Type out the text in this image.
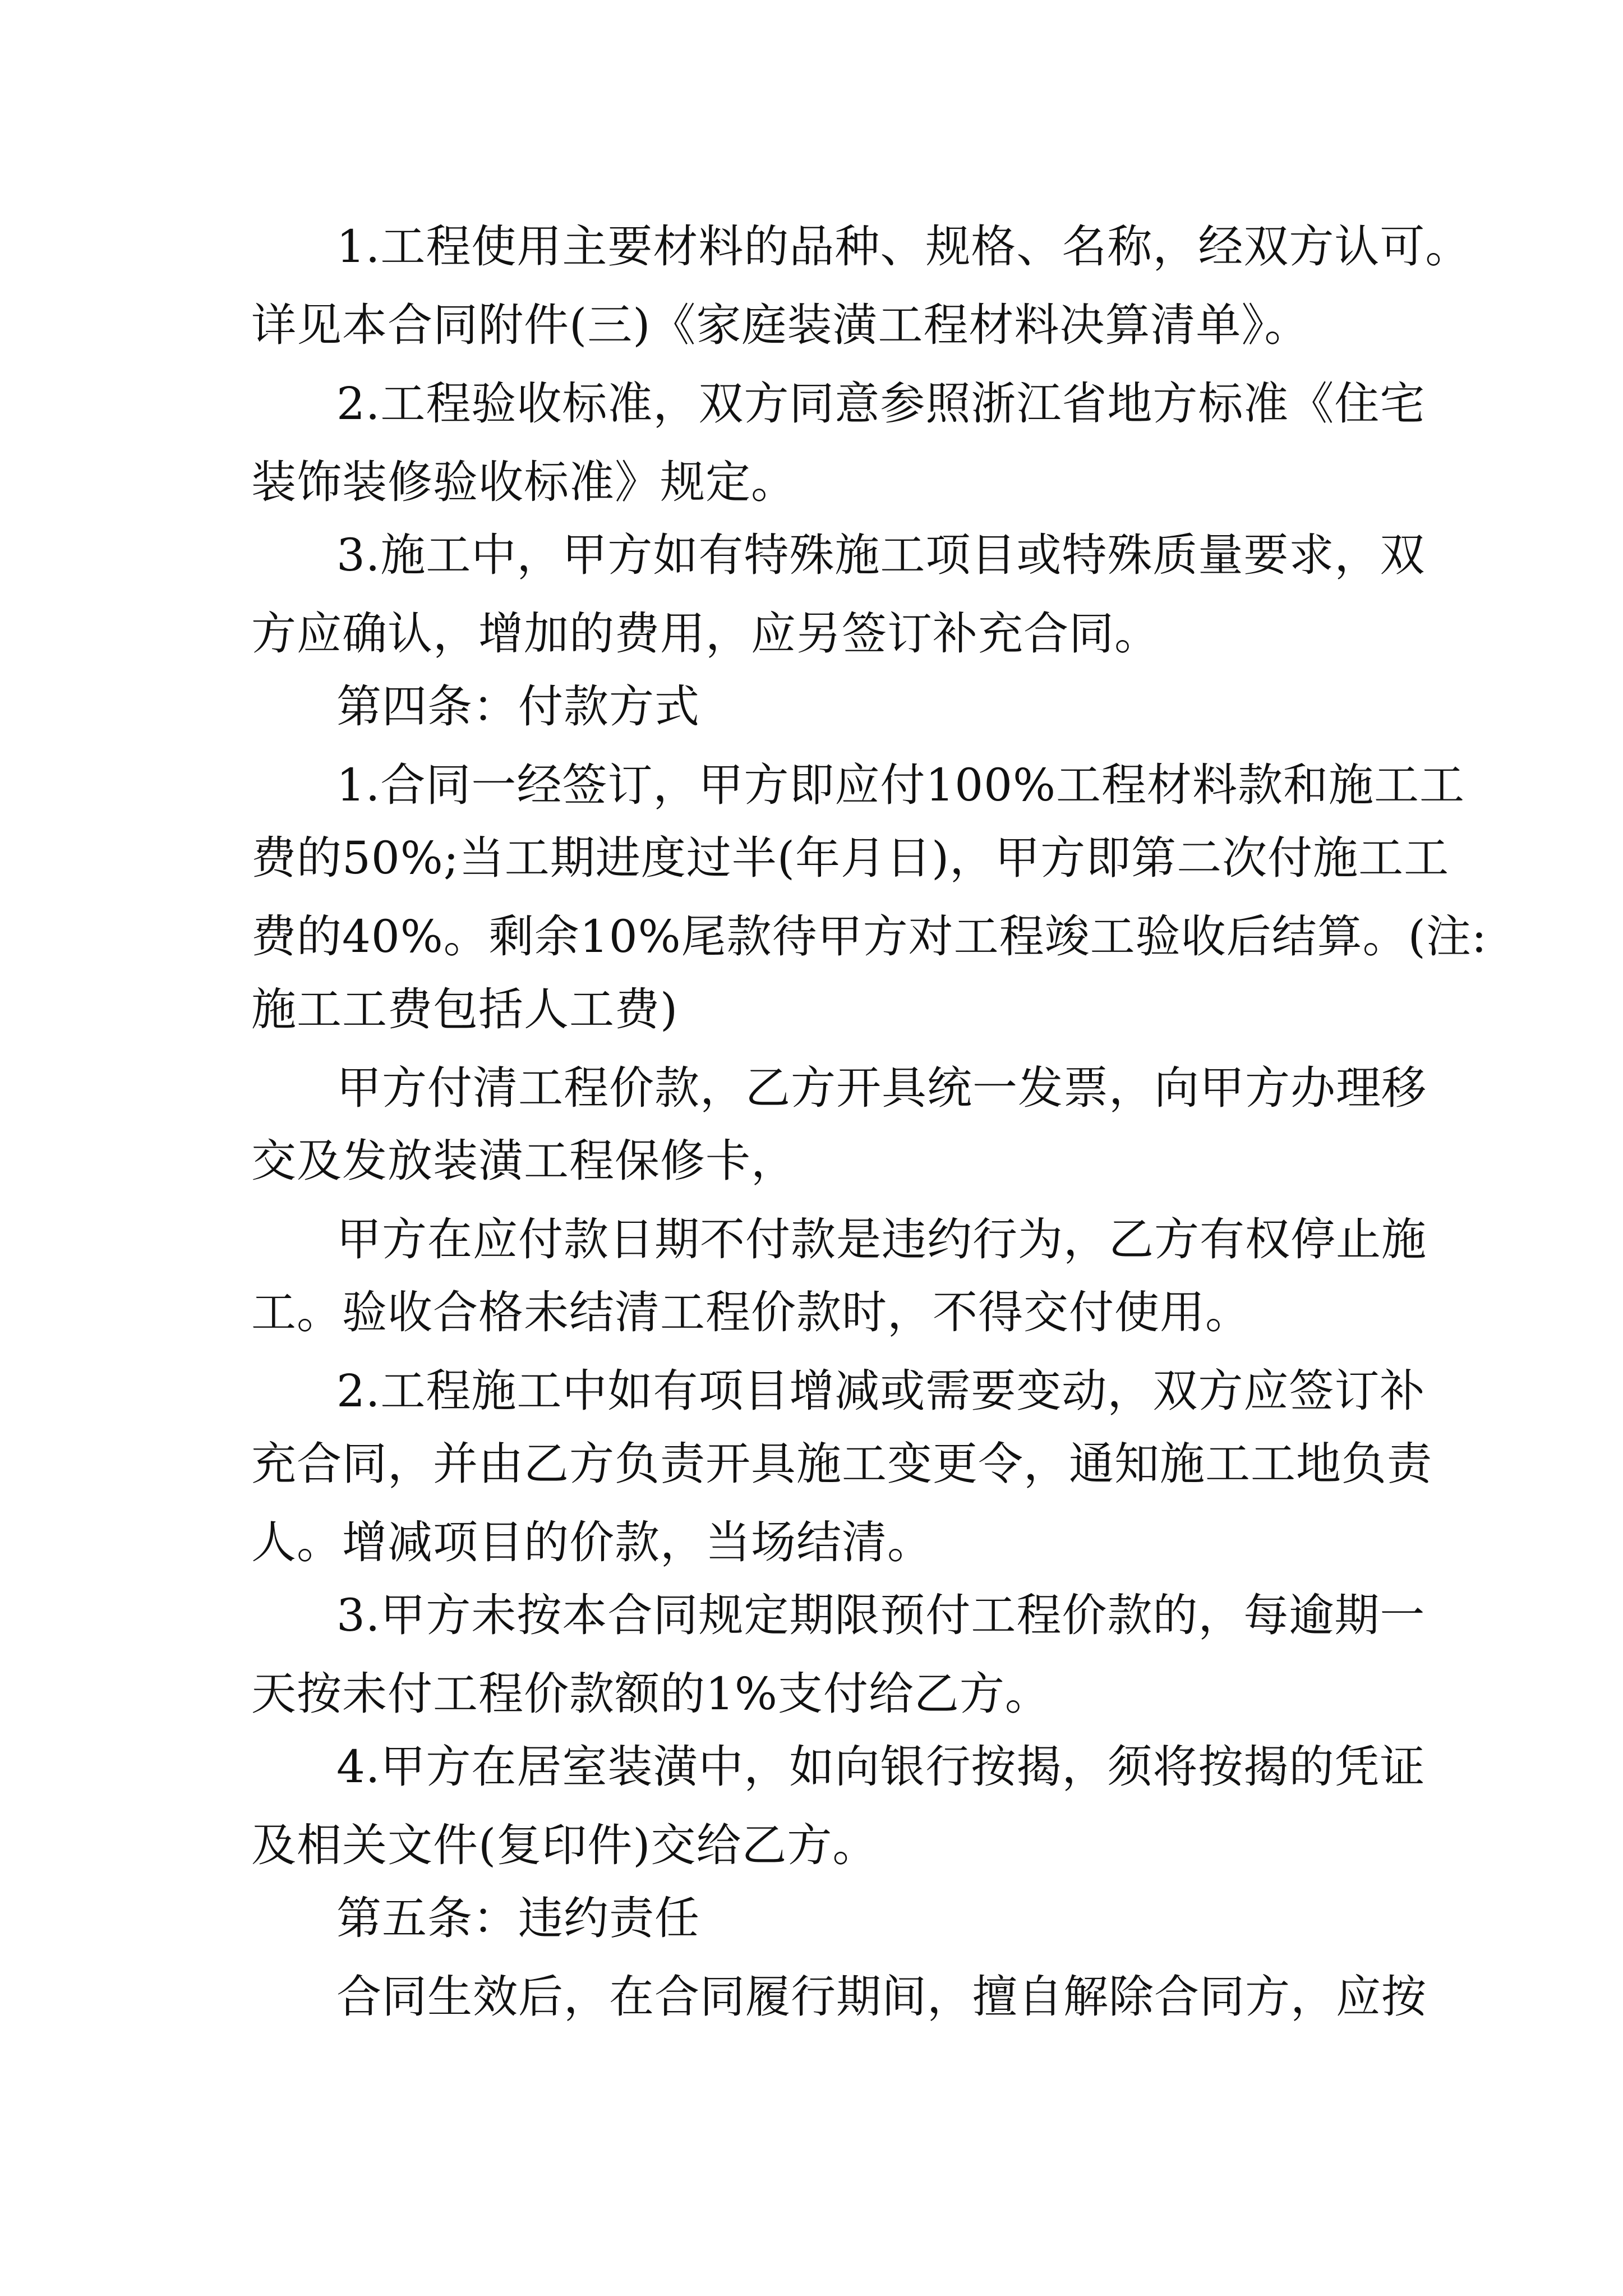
1.工程使用主要材料的品种、规格、名称，经双方认可。
详见本合同附件(三)《家庭装潢工程材料决算清单》。
2.工程验收标准，双方同意参照浙江省地方标准《住宅
装饰装修验收标准》规定。
3.施工中，甲方如有特殊施工项目或特殊质量要求，双
方应确认，增加的费用，应另签订补充合同。
第四条：付款方式
1.合同一经签订，甲方即应付100%工程材料款和施工工
费的50%;当工期进度过半(年月日)，甲方即第二次付施工工
费的40%。剩余10%尾款待甲方对工程竣工验收后结算。(注:
施工工费包括人工费)
甲方付清工程价款，乙方开具统一发票，向甲方办理移
交及发放装潢工程保修卡，
甲方在应付款日期不付款是违约行为，乙方有权停止施
工。验收合格未结清工程价款时，不得交付使用。
2.工程施工中如有项目增减或需要变动，双方应签订补
充合同，并由乙方负责开具施工变更令，通知施工工地负责
人。增减项目的价款，当场结清。
3.甲方未按本合同规定期限预付工程价款的，每逾期一
天按未付工程价款额的1%支付给乙方。
4.甲方在居室装潢中，如向银行按揭，须将按揭的凭证
及相关文件(复印件)交给乙方。
第五条：违约责任
合同生效后，在合同履行期间，擅自解除合同方，应按
